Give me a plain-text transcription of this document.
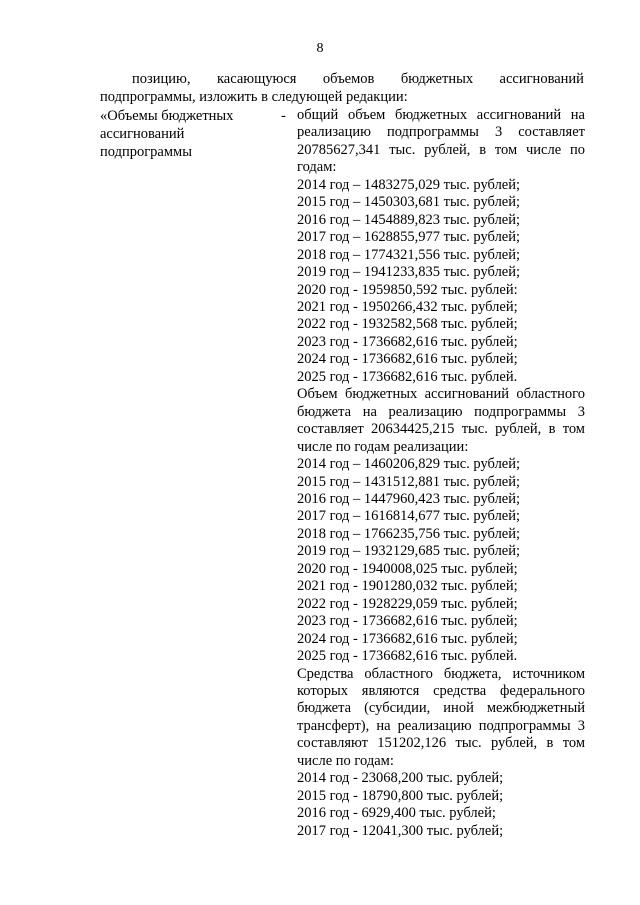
8
позицию, касающуюся объемов бюджетных ассигнований
подпрограммы, изложить в следующей редакции:
«Объемы бюджетных
ассигнований
подпрограммы
- общий объем бюджетных ассигнований на реализацию подпрограммы 3 составляет 20785627,341 тыс. рублей, в том числе по годам:
2014 год – 1483275,029 тыс. рублей;
2015 год – 1450303,681 тыс. рублей;
2016 год – 1454889,823 тыс. рублей;
2017 год – 1628855,977 тыс. рублей;
2018 год – 1774321,556 тыс. рублей;
2019 год – 1941233,835 тыс. рублей;
2020 год - 1959850,592 тыс. рублей:
2021 год - 1950266,432 тыс. рублей;
2022 год - 1932582,568 тыс. рублей;
2023 год - 1736682,616 тыс. рублей;
2024 год - 1736682,616 тыс. рублей;
2025 год - 1736682,616 тыс. рублей.
Объем бюджетных ассигнований областного бюджета на реализацию подпрограммы 3 составляет 20634425,215 тыс. рублей, в том числе по годам реализации:
2014 год – 1460206,829 тыс. рублей;
2015 год – 1431512,881 тыс. рублей;
2016 год – 1447960,423 тыс. рублей;
2017 год – 1616814,677 тыс. рублей;
2018 год – 1766235,756 тыс. рублей;
2019 год – 1932129,685 тыс. рублей;
2020 год - 1940008,025 тыс. рублей;
2021 год - 1901280,032 тыс. рублей;
2022 год - 1928229,059 тыс. рублей;
2023 год - 1736682,616 тыс. рублей;
2024 год - 1736682,616 тыс. рублей;
2025 год - 1736682,616 тыс. рублей.
Средства областного бюджета, источником которых являются средства федерального бюджета (субсидии, иной межбюджетный трансферт), на реализацию подпрограммы 3 составляют 151202,126 тыс. рублей, в том числе по годам:
2014 год - 23068,200 тыс. рублей;
2015 год - 18790,800 тыс. рублей;
2016 год - 6929,400 тыс. рублей;
2017 год - 12041,300 тыс. рублей;
